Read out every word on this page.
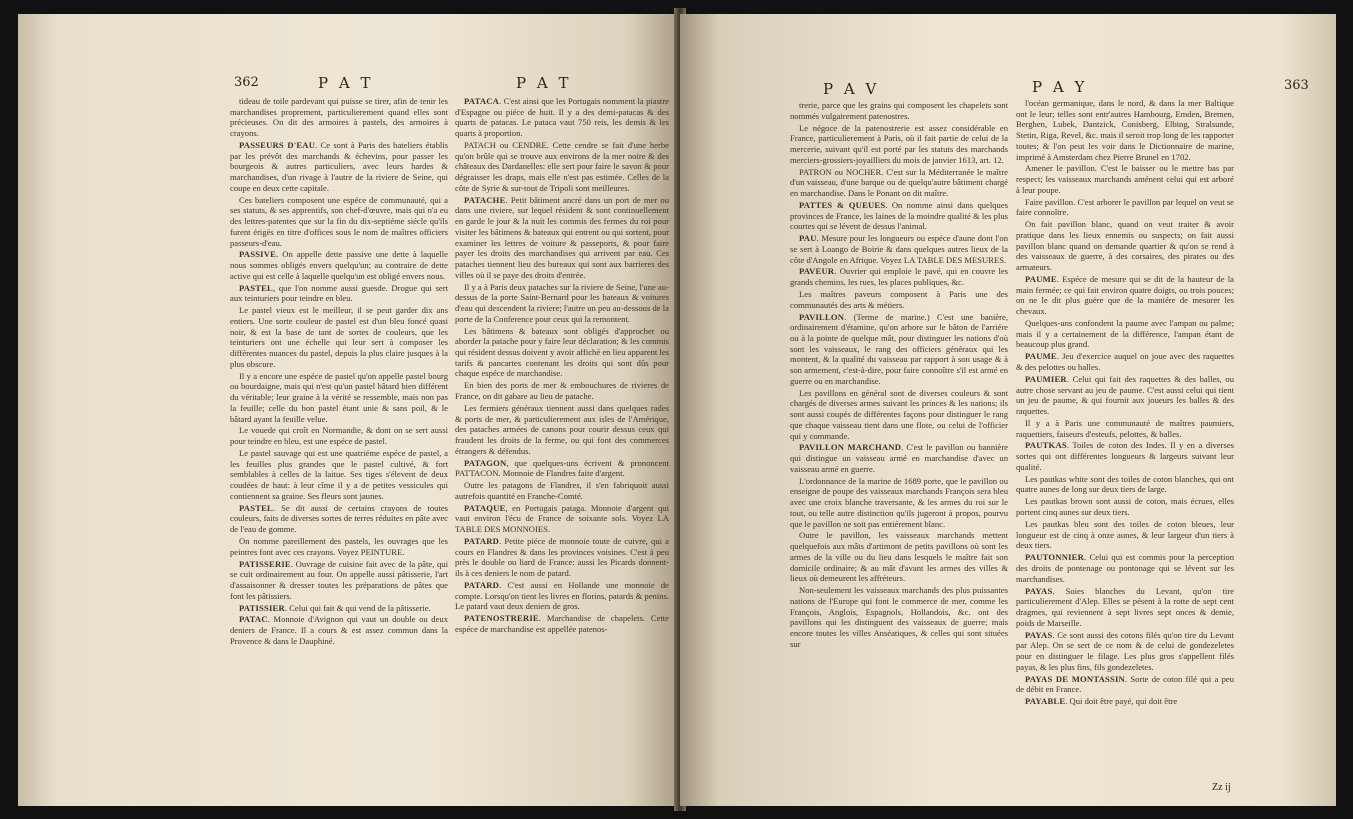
362	P A T	P A T

tideau de toile pardevant qui puisse se tirer, afin de tenir les marchandises proprement, particulierement quand elles sont précieuses. On dit des armoires à pastels, des armoires à crayons.

PASSEURS D'EAU. Ce sont à Paris des bateliers établis par les prévôt des marchands & échevins, pour passer les bourgeois & autres particuliers, avec leurs hardes & marchandises, d'un rivage à l'autre de la riviere de Seine, qui coupe en deux cette capitale.

Ces bateliers composent une espéce de communauté, qui a ses statuts, & ses apprentifs, son chef-d'œuvre, mais qui n'a eu des lettres-patentes que sur la fin du dix-septiéme siécle qu'ils furent érigés en titre d'offices sous le nom de maîtres officiers passeurs-d'eau.

PASSIVE. On appelle dette passive une dette à laquelle nous sommes obligés envers quelqu'un; au contraire de dette active qui est celle à laquelle quelqu'un est obligé envers nous.

PASTEL, que l'on nomme aussi guesde. Drogue qui sert aux teinturiers pour teindre en bleu.

Le pastel vieux est le meilleur, il se peut garder dix ans entiers. Une sorte couleur de pastel est d'un bleu foncé quasi noir, & est la base de tant de sortes de couleurs, que les teinturiers ont une échelle qui leur sert à composer les différentes nuances du pastel, depuis la plus claire jusques à la plus obscure.

Il y a encore une espéce de pastel qu'on appelle pastel bourg ou bourdaigne, mais qui n'est qu'un pastel bâtard bien différent du véritable; leur graine à la vérité se ressemble, mais non pas la feuille; celle du bon pastel étant unie & sans poil, & le bâtard ayant la feuille velue.

Le vouede qui croît en Normandie, & dont on se sert aussi pour teindre en bleu, est une espéce de pastel.

Le pastel sauvage qui est une quatriéme espéce de pastel, a les feuilles plus grandes que le pastel cultivé, & fort semblables à celles de la laitue. Ses tiges s'élevent de deux coudées de haut: à leur cîme il y a de petites vessicules qui contiennent sa graine. Ses fleurs sont jaunes.

PASTEL. Se dit aussi de certains crayons de toutes couleurs, faits de diverses sortes de terres réduites en pâte avec de l'eau de gomme.

On nomme pareillement des pastels, les ouvrages que les peintres font avec ces crayons. Voyez PEINTURE.

PATISSERIE. Ouvrage de cuisine fait avec de la pâte, qui se cuit ordinairement au four. On appelle aussi pâtisserie, l'art d'assaisonner & dresser toutes les préparations de pâtes que font les pâtissiers.

PATISSIER. Celui qui fait & qui vend de la pâtisserie.

PATAC. Monnoie d'Avignon qui vaut un double ou deux deniers de France. Il a cours & est assez commun dans la Provence & dans le Dauphiné.

PATACA. C'est ainsi que les Portugais nomment la piastre d'Espagne ou piéce de huit. Il y a des demi-patacas & des quarts de patacas. Le pataca vaut 750 reis, les demis & les quarts à proportion.

PATACH ou CENDRE. Cette cendre se fait d'une herbe qu'on brûle qui se trouve aux environs de la mer noire & des châteaux des Dardanelles: elle sert pour faire le savon & pour dégraisser les draps, mais elle n'est pas estimée. Celles de la côte de Syrie & sur-tout de Tripoli sont meilleures.

PATACHE. Petit bâtiment ancré dans un port de mer ou dans une riviere, sur lequel résident & sont continuellement en garde le jour & la nuit les commis des fermes du roi pour visiter les bâtimens & bateaux qui entrent ou qui sortent, pour examiner les lettres de voiture & passeports, & pour faire payer les droits des marchandises qui arrivent par eau. Ces pataches tiennent lieu des bureaux qui sont aux barrieres des villes où il se paye des droits d'entrée.

Il y a à Paris deux pataches sur la riviere de Seine, l'une au-dessus de la porte Saint-Bernard pour les bateaux & voitures d'eau qui descendent la riviere; l'autre un peu au-dessous de la porte de la Conference pour ceux qui la remontent.

Les bâtimens & bateaux sont obligés d'approcher ou aborder la patache pour y faire leur déclaration; & les commis qui résident dessus doivent y avoir affiché en lieu apparent les tarifs & pancartes contenant les droits qui sont dûs pour chaque espéce de marchandise.

En bien des ports de mer & embouchures de rivieres de France, on dit gabare au lieu de patache.

Les fermiers généraux tiennent aussi dans quelques rades & ports de mer, & particulierement aux isles de l'Amérique, des pataches armées de canons pour courir dessus ceux qui fraudent les droits de la ferme, ou qui font des commerces étrangers & défendus.

PATAGON, que quelques-uns écrivent & prononcent PATTACON. Monnoie de Flandres faite d'argent.

Outre les patagons de Flandres, il s'en fabriquoit aussi autrefois quantité en Franche-Comté.

PATAQUE, en Portugais pataga. Monnoie d'argent qui vaut environ l'écu de France de soixante sols. Voyez LA TABLE DES MONNOIES.

PATARD. Petite piéce de monnoie toute de cuivre, qui a cours en Flandres & dans les provinces voisines. C'est à peu près le double ou liard de France: aussi les Picards donnent-ils à ces deniers le nom de patard.

PATARD. C'est aussi en Hollande une monnoie de compte. Lorsqu'on tient les livres en florins, patards & penins. Le patard vaut deux deniers de gros.

PATENOSTRERIE. Marchandise de chapelets. Cette espéce de marchandise est appellée patenos-

P A V	P A Y	363

trerie, parce que les grains qui composent les chapelets sont nommés vulgairement patenostres.

Le négoce de la patenostrerie est assez considérable en France, particulierement à Paris, où il fait partie de celui de la mercerie, suivant qu'il est porté par les statuts des marchands merciers-grossiers-joyailliers du mois de janvier 1613, art. 12.

PATRON ou NOCHER. C'est sur la Méditerranée le maître d'un vaisseau, d'une barque ou de quelqu'autre bâtiment chargé en marchandise. Dans le Ponant on dit maître.

PATTES & QUEUES. On nomme ainsi dans quelques provinces de France, les laines de la moindre qualité & les plus courtes qui se lévent de dessus l'animal.

PAU. Mesure pour les longueurs ou espéce d'aune dont l'on se sert à Loango de Boirie & dans quelques autres lieux de la côte d'Angole en Afrique. Voyez LA TABLE DES MESURES.

PAVEUR. Ouvrier qui emploie le pavé, qui en couvre les grands chemins, les rues, les places publiques, &c.

Les maîtres paveurs composent à Paris une des communautés des arts & métiers.

PAVILLON. (Terme de marine.) C'est une banière, ordinairement d'étamine, qu'on arbore sur le bâton de l'arriére ou à la pointe de quelque mât, pour distinguer les nations d'où sont les vaisseaux, le rang des officiers généraux qui les montent, & la qualité du vaisseau par rapport à son usage & à son armement, c'est-à-dire, pour faire connoître s'il est armé en guerre ou en marchandise.

Les pavillons en général sont de diverses couleurs & sont chargés de diverses armes suivant les princes & les nations; ils sont aussi coupés de différentes façons pour distinguer le rang que chaque vaisseau tient dans une flote, ou celui de l'officier qui y commande.

PAVILLON MARCHAND. C'est le pavillon ou bannière qui distingue un vaisseau armé en marchandise d'avec un vaisseau armé en guerre.

L'ordonnance de la marine de 1689 porte, que le pavillon ou enseigne de poupe des vaisseaux marchands François sera bleu avec une croix blanche traversante, & les armes du roi sur le tout, ou telle autre distinction qu'ils jugeront à propos, pourvu que le pavillon ne soit pas entiérement blanc.

Outre le pavillon, les vaisseaux marchands mettent quelquefois aux mâts d'artimont de petits pavillons où sont les armes de la ville ou du lieu dans lesquels le maître fait son domicile ordinaire; & au mât d'avant les armes des villes & lieux où demeurent les affréteurs.

Non-seulement les vaisseaux marchands des plus puissantes nations de l'Europe qui font le commerce de mer, comme les François, Anglois, Espagnols, Hollandois, &c. ont des pavillons qui les distinguent des vaisseaux de guerre; mais encore toutes les villes Anséatiques, & celles qui sont situées sur

l'océan germanique, dans le nord, & dans la mer Baltique ont le leur; telles sont entr'autres Hambourg, Emden, Bremen, Berghen, Lubek, Dantzick, Conisberg, Elbing, Stralsunde, Stetin, Riga, Revel, &c. mais il seroit trop long de les rapporter toutes; & l'on peut les voir dans le Dictionnaire de marine, imprimé à Amsterdam chez Pierre Brunel en 1702.

Amener le pavillon. C'est le baisser ou le mettre bas par respect; les vaisseaux marchands aménent celui qui est arboré à leur poupe.

Faire pavillon. C'est arborer le pavillon par lequel on veut se faire connoître.

On fait pavillon blanc, quand on veut traiter & avoir pratique dans les lieux ennemis ou suspects; on fait aussi pavillon blanc quand on demande quartier & qu'on se rend à des vaisseaux de guerre, à des corsaires, des pirates ou des armateurs.

PAUME. Espéce de mesure qui se dit de la hauteur de la main fermée; ce qui fait environ quatre doigts, ou trois pouces; on ne le dit plus guère que de la maniére de mesurer les chevaux.

Quelques-uns confondent la paume avec l'ampan ou palme; mais il y a certainement de la différence, l'ampan étant de beaucoup plus grand.

PAUME. Jeu d'exercice auquel on joue avec des raquettes & des pelottes ou balles.

PAUMIER. Celui qui fait des raquettes & des balles, ou autre chose servant au jeu de paume. C'est aussi celui qui tient un jeu de paume, & qui fournit aux joueurs les balles & des raquettes.

Il y a à Paris une communauté de maîtres paumiers, raquettiers, faiseurs d'esteufs, pelottes, & balles.

PAUTKAS. Toiles de coton des Indes. Il y en a diverses sortes qui ont différentes longueurs & largeurs suivant leur qualité.

Les pautkas white sont des toiles de coton blanches, qui ont quatre aunes de long sur deux tiers de large.

Les pautkas brown sont aussi de coton, mais écrues, elles portent cinq aunes sur deux tiers.

Les pautkas bleu sont des toiles de coton bleues, leur longueur est de cinq à onze aunes, & leur largeur d'un tiers à deux tiers.

PAUTONNIER. Celui qui est commis pour la perception des droits de pontenage ou pontonage qui se lévent sur les marchandises.

PAYAS. Soies blanches du Levant, qu'on tire particulierement d'Alep. Elles se pésent à la rotte de sept cent dragmes, qui reviennent à sept livres sept onces & demie, poids de Marseille.

PAYAS. Ce sont aussi des cotons filés qu'on tire du Levant par Alep. On se sert de ce nom & de celui de gondezeletes pour en distinguer le filage. Les plus gros s'appellent filés payas, & les plus fins, fils gondezeletes.

PAYAS DE MONTASSIN. Sorte de coton filé qui a peu de débit en France.

PAYABLE. Qui doit être payé, qui doit être

Zz ij
